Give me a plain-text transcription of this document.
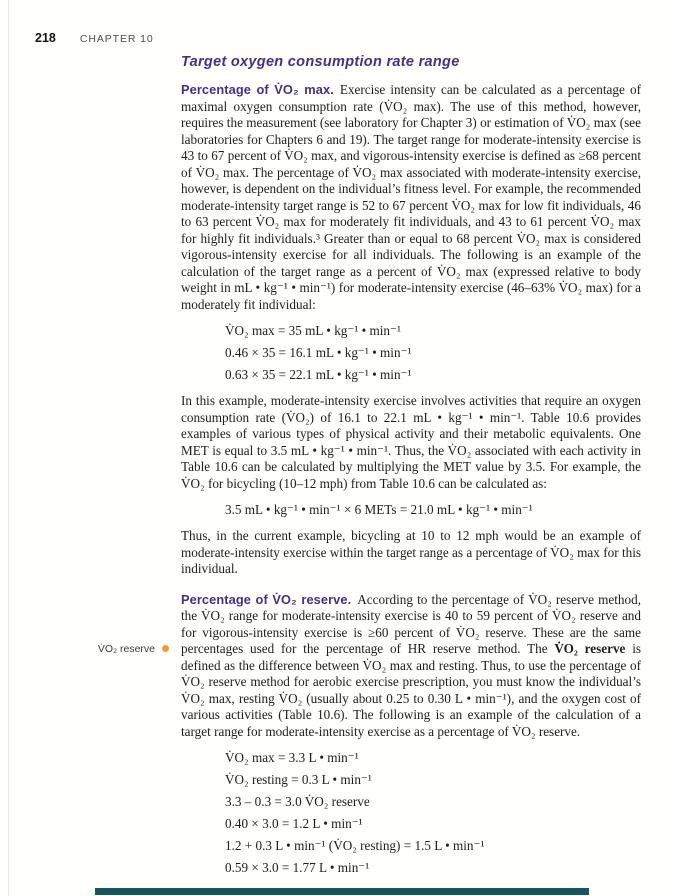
218 CHAPTER 10
Target oxygen consumption rate range

Percentage of V̇O₂ max. Exercise intensity can be calculated as a percentage of maximal oxygen consumption rate (V̇O₂ max). The use of this method, however, requires the measurement (see laboratory for Chapter 3) or estimation of V̇O₂ max (see laboratories for Chapters 6 and 19). The target range for moderate-intensity exercise is 43 to 67 percent of V̇O₂ max, and vigorous-intensity exercise is defined as ≥68 percent of V̇O₂ max. The percentage of V̇O₂ max associated with moderate-intensity exercise, however, is dependent on the individual’s fitness level. For example, the recommended moderate-intensity target range is 52 to 67 percent V̇O₂ max for low fit individuals, 46 to 63 percent V̇O₂ max for moderately fit individuals, and 43 to 61 percent V̇O₂ max for highly fit individuals.³ Greater than or equal to 68 percent V̇O₂ max is considered vigorous-intensity exercise for all individuals. The following is an example of the calculation of the target range as a percent of V̇O₂ max (expressed relative to body weight in mL • kg⁻¹ • min⁻¹) for moderate-intensity exercise (46–63% V̇O₂ max) for a moderately fit individual:

V̇O₂ max = 35 mL • kg⁻¹ • min⁻¹
0.46 × 35 = 16.1 mL • kg⁻¹ • min⁻¹
0.63 × 35 = 22.1 mL • kg⁻¹ • min⁻¹

In this example, moderate-intensity exercise involves activities that require an oxygen consumption rate (V̇O₂) of 16.1 to 22.1 mL • kg⁻¹ • min⁻¹. Table 10.6 provides examples of various types of physical activity and their metabolic equivalents. One MET is equal to 3.5 mL • kg⁻¹ • min⁻¹. Thus, the V̇O₂ associated with each activity in Table 10.6 can be calculated by multiplying the MET value by 3.5. For example, the V̇O₂ for bicycling (10–12 mph) from Table 10.6 can be calculated as:

3.5 mL • kg⁻¹ • min⁻¹ × 6 METs = 21.0 mL • kg⁻¹ • min⁻¹

Thus, in the current example, bicycling at 10 to 12 mph would be an example of moderate-intensity exercise within the target range as a percentage of V̇O₂ max for this individual.

V̇O₂ reserve

Percentage of V̇O₂ reserve. According to the percentage of V̇O₂ reserve method, the V̇O₂ range for moderate-intensity exercise is 40 to 59 percent of V̇O₂ reserve and for vigorous-intensity exercise is ≥60 percent of V̇O₂ reserve. These are the same percentages used for the percentage of HR reserve method. The V̇O₂ reserve is defined as the difference between V̇O₂ max and resting. Thus, to use the percentage of V̇O₂ reserve method for aerobic exercise prescription, you must know the individual’s V̇O₂ max, resting V̇O₂ (usually about 0.25 to 0.30 L • min⁻¹), and the oxygen cost of various activities (Table 10.6). The following is an example of the calculation of a target range for moderate-intensity exercise as a percentage of V̇O₂ reserve.

V̇O₂ max = 3.3 L • min⁻¹
V̇O₂ resting = 0.3 L • min⁻¹
3.3 – 0.3 = 3.0 V̇O₂ reserve
0.40 × 3.0 = 1.2 L • min⁻¹
1.2 + 0.3 L • min⁻¹ (V̇O₂ resting) = 1.5 L • min⁻¹
0.59 × 3.0 = 1.77 L • min⁻¹
